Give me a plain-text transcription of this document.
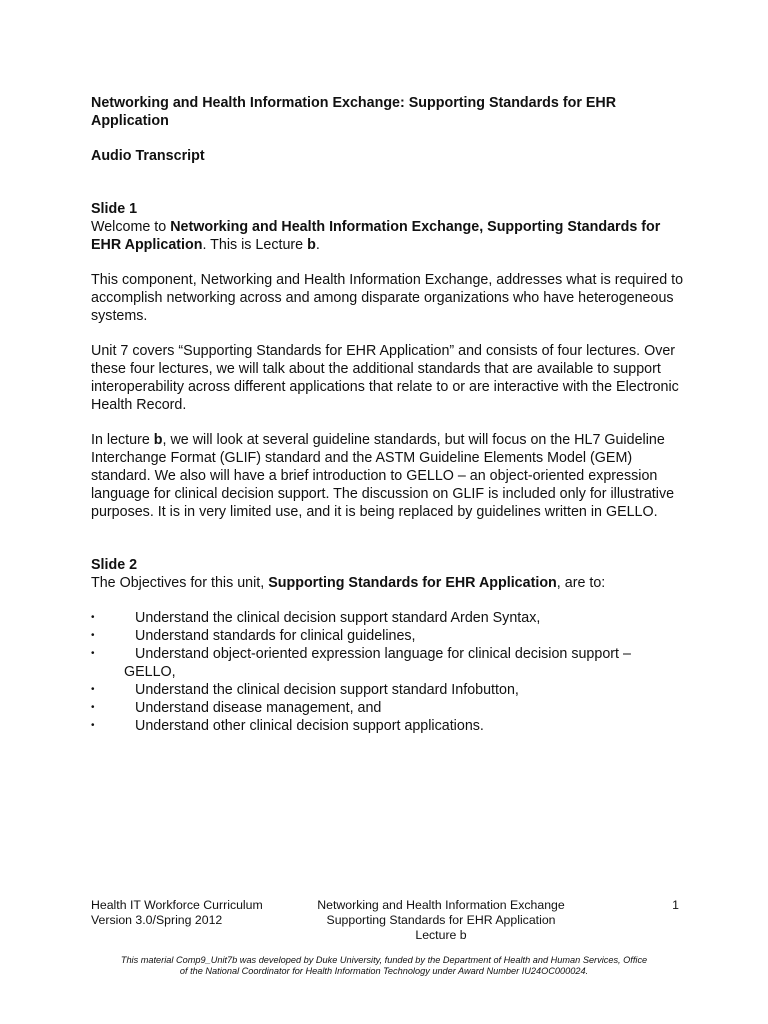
Networking and Health Information Exchange: Supporting Standards for EHR Application

Audio Transcript

Slide 1

Welcome to Networking and Health Information Exchange, Supporting Standards for EHR Application. This is Lecture b.

This component, Networking and Health Information Exchange, addresses what is required to accomplish networking across and among disparate organizations who have heterogeneous systems.

Unit 7 covers “Supporting Standards for EHR Application” and consists of four lectures. Over these four lectures, we will talk about the additional standards that are available to support interoperability across different applications that relate to or are interactive with the Electronic Health Record.

In lecture b, we will look at several guideline standards, but will focus on the HL7 Guideline Interchange Format (GLIF) standard and the ASTM Guideline Elements Model (GEM) standard. We also will have a brief introduction to GELLO – an object-oriented expression language for clinical decision support. The discussion on GLIF is included only for illustrative purposes. It is in very limited use, and it is being replaced by guidelines written in GELLO.

Slide 2

The Objectives for this unit, Supporting Standards for EHR Application, are to:

•	Understand the clinical decision support standard Arden Syntax,
•	Understand standards for clinical guidelines,
•	Understand object-oriented expression language for clinical decision support –
GELLO,
•	Understand the clinical decision support standard Infobutton,
•	Understand disease management, and
•	Understand other clinical decision support applications.
Health IT Workforce Curriculum
Version 3.0/Spring 2012
Networking and Health Information Exchange
Supporting Standards for EHR Application
Lecture b
1
This material Comp9_Unit7b was developed by Duke University, funded by the Department of Health and Human Services, Office
of the National Coordinator for Health Information Technology under Award Number IU24OC000024.
